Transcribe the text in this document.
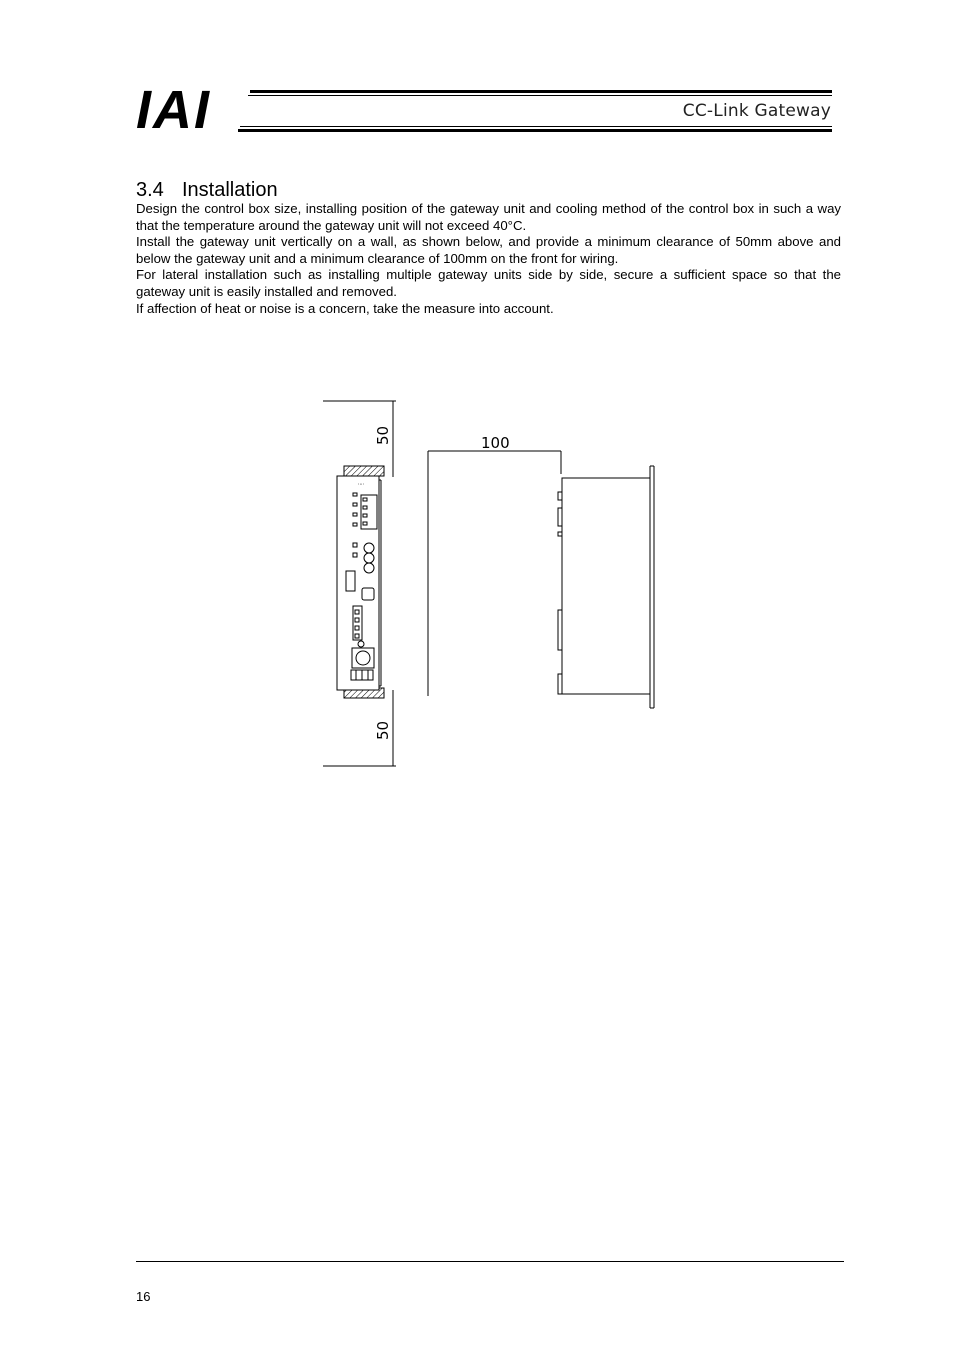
IAI	CC-Link Gateway
3.4 Installation

Design the control box size, installing position of the gateway unit and cooling method of the control box in such a way that the temperature around the gateway unit will not exceed 40°C.

Install the gateway unit vertically on a wall, as shown below, and provide a minimum clearance of 50mm above and below the gateway unit and a minimum clearance of 100mm on the front for wiring.

For lateral installation such as installing multiple gateway units side by side, secure a sufficient space so that the gateway unit is easily installed and removed.

If affection of heat or noise is a concern, take the measure into account.

50
50
I A I
100
16
